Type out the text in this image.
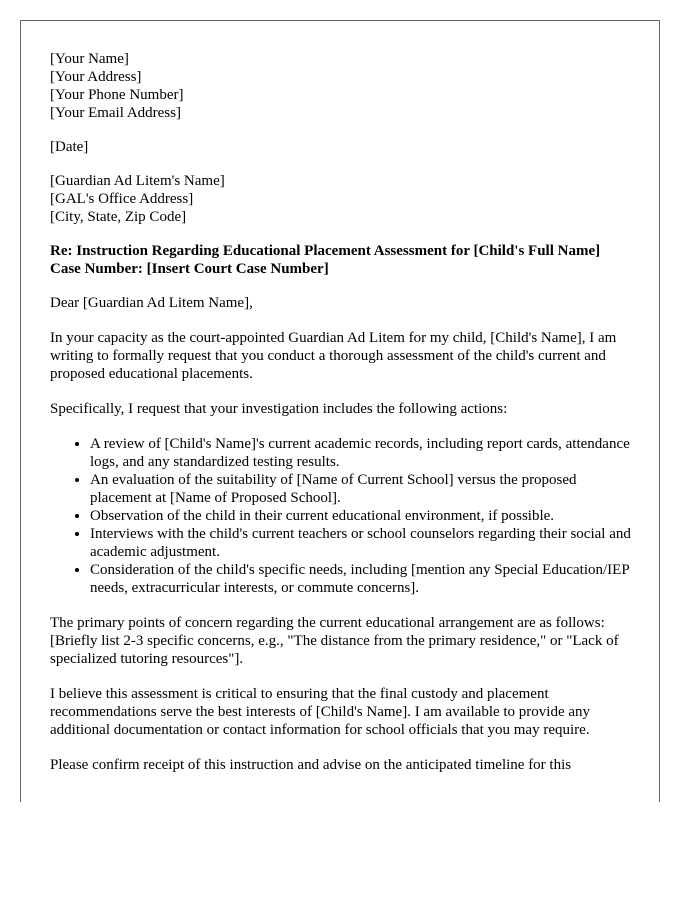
[Your Name]
[Your Address]
[Your Phone Number]
[Your Email Address]
[Date]
[Guardian Ad Litem's Name]
[GAL's Office Address]
[City, State, Zip Code]
Re: Instruction Regarding Educational Placement Assessment for [Child's Full Name]
Case Number: [Insert Court Case Number]

Dear [Guardian Ad Litem Name],

In your capacity as the court-appointed Guardian Ad Litem for my child, [Child's Name], I am writing to formally request that you conduct a thorough assessment of the child's current and proposed educational placements.

Specifically, I request that your investigation includes the following actions:

• A review of [Child's Name]'s current academic records, including report cards, attendance logs, and any standardized testing results.
• An evaluation of the suitability of [Name of Current School] versus the proposed placement at [Name of Proposed School].
• Observation of the child in their current educational environment, if possible.
• Interviews with the child's current teachers or school counselors regarding their social and academic adjustment.
• Consideration of the child's specific needs, including [mention any Special Education/IEP needs, extracurricular interests, or commute concerns].

The primary points of concern regarding the current educational arrangement are as follows:
[Briefly list 2-3 specific concerns, e.g., "The distance from the primary residence," or "Lack of specialized tutoring resources"].

I believe this assessment is critical to ensuring that the final custody and placement recommendations serve the best interests of [Child's Name]. I am available to provide any additional documentation or contact information for school officials that you may require.

Please confirm receipt of this instruction and advise on the anticipated timeline for this
